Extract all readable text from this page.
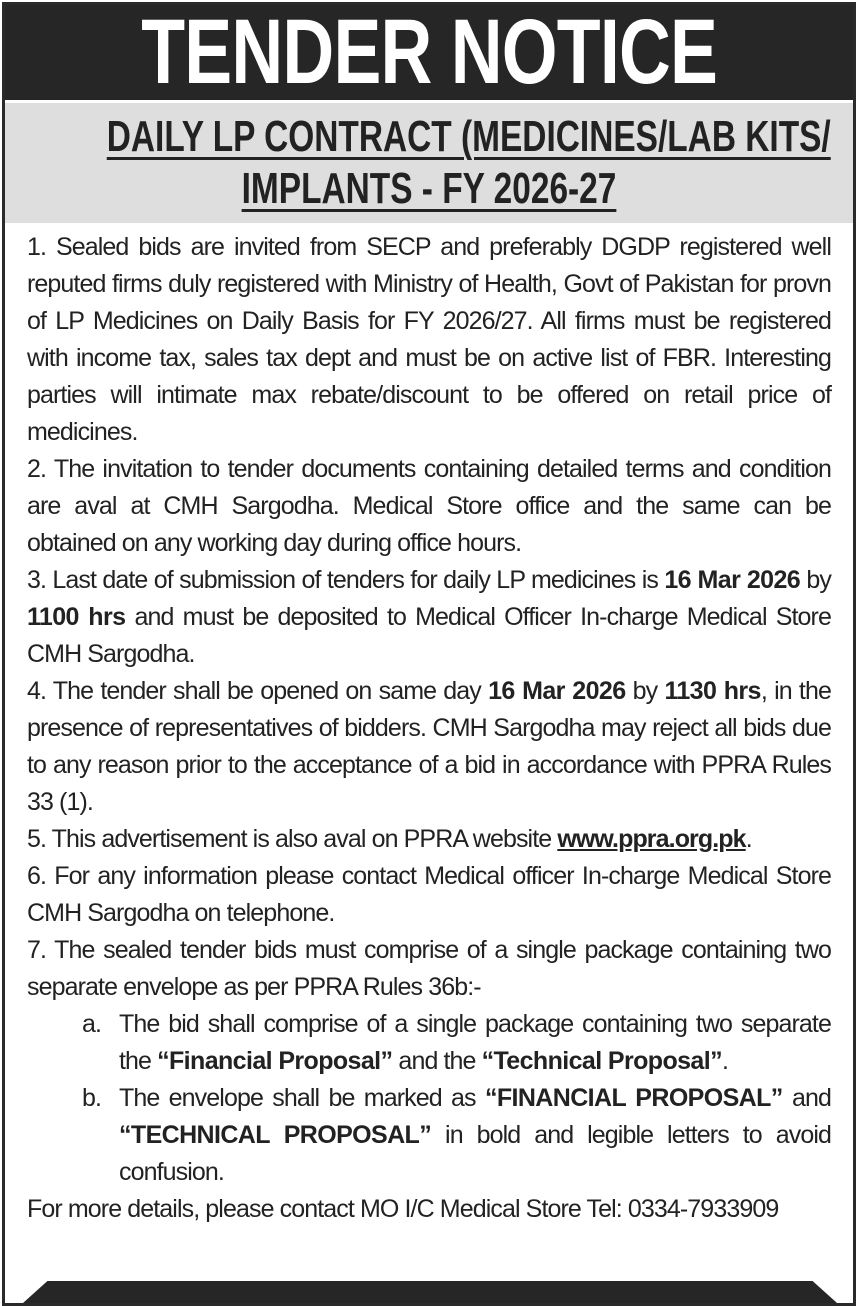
TENDER NOTICE
DAILY LP CONTRACT (MEDICINES/LAB KITS/
IMPLANTS - FY 2026-27

1. Sealed bids are invited from SECP and preferably DGDP registered well reputed firms duly registered with Ministry of Health, Govt of Pakistan for provn of LP Medicines on Daily Basis for FY 2026/27. All firms must be registered with income tax, sales tax dept and must be on active list of FBR. Interesting parties will intimate max rebate/discount to be offered on retail price of medicines.

2. The invitation to tender documents containing detailed terms and condition are aval at CMH Sargodha. Medical Store office and the same can be obtained on any working day during office hours.

3. Last date of submission of tenders for daily LP medicines is 16 Mar 2026 by 1100 hrs and must be deposited to Medical Officer In-charge Medical Store CMH Sargodha.

4. The tender shall be opened on same day 16 Mar 2026 by 1130 hrs, in the presence of representatives of bidders. CMH Sargodha may reject all bids due to any reason prior to the acceptance of a bid in accordance with PPRA Rules 33 (1).

5. This advertisement is also aval on PPRA website www.ppra.org.pk.

6. For any information please contact Medical officer In-charge Medical Store CMH Sargodha on telephone.

7. The sealed tender bids must comprise of a single package containing two separate envelope as per PPRA Rules 36b:-

a. The bid shall comprise of a single package containing two separate the “Financial Proposal” and the “Technical Proposal”.

b. The envelope shall be marked as “FINANCIAL PROPOSAL” and “TECHNICAL PROPOSAL” in bold and legible letters to avoid confusion.

For more details, please contact MO I/C Medical Store Tel: 0334-7933909
